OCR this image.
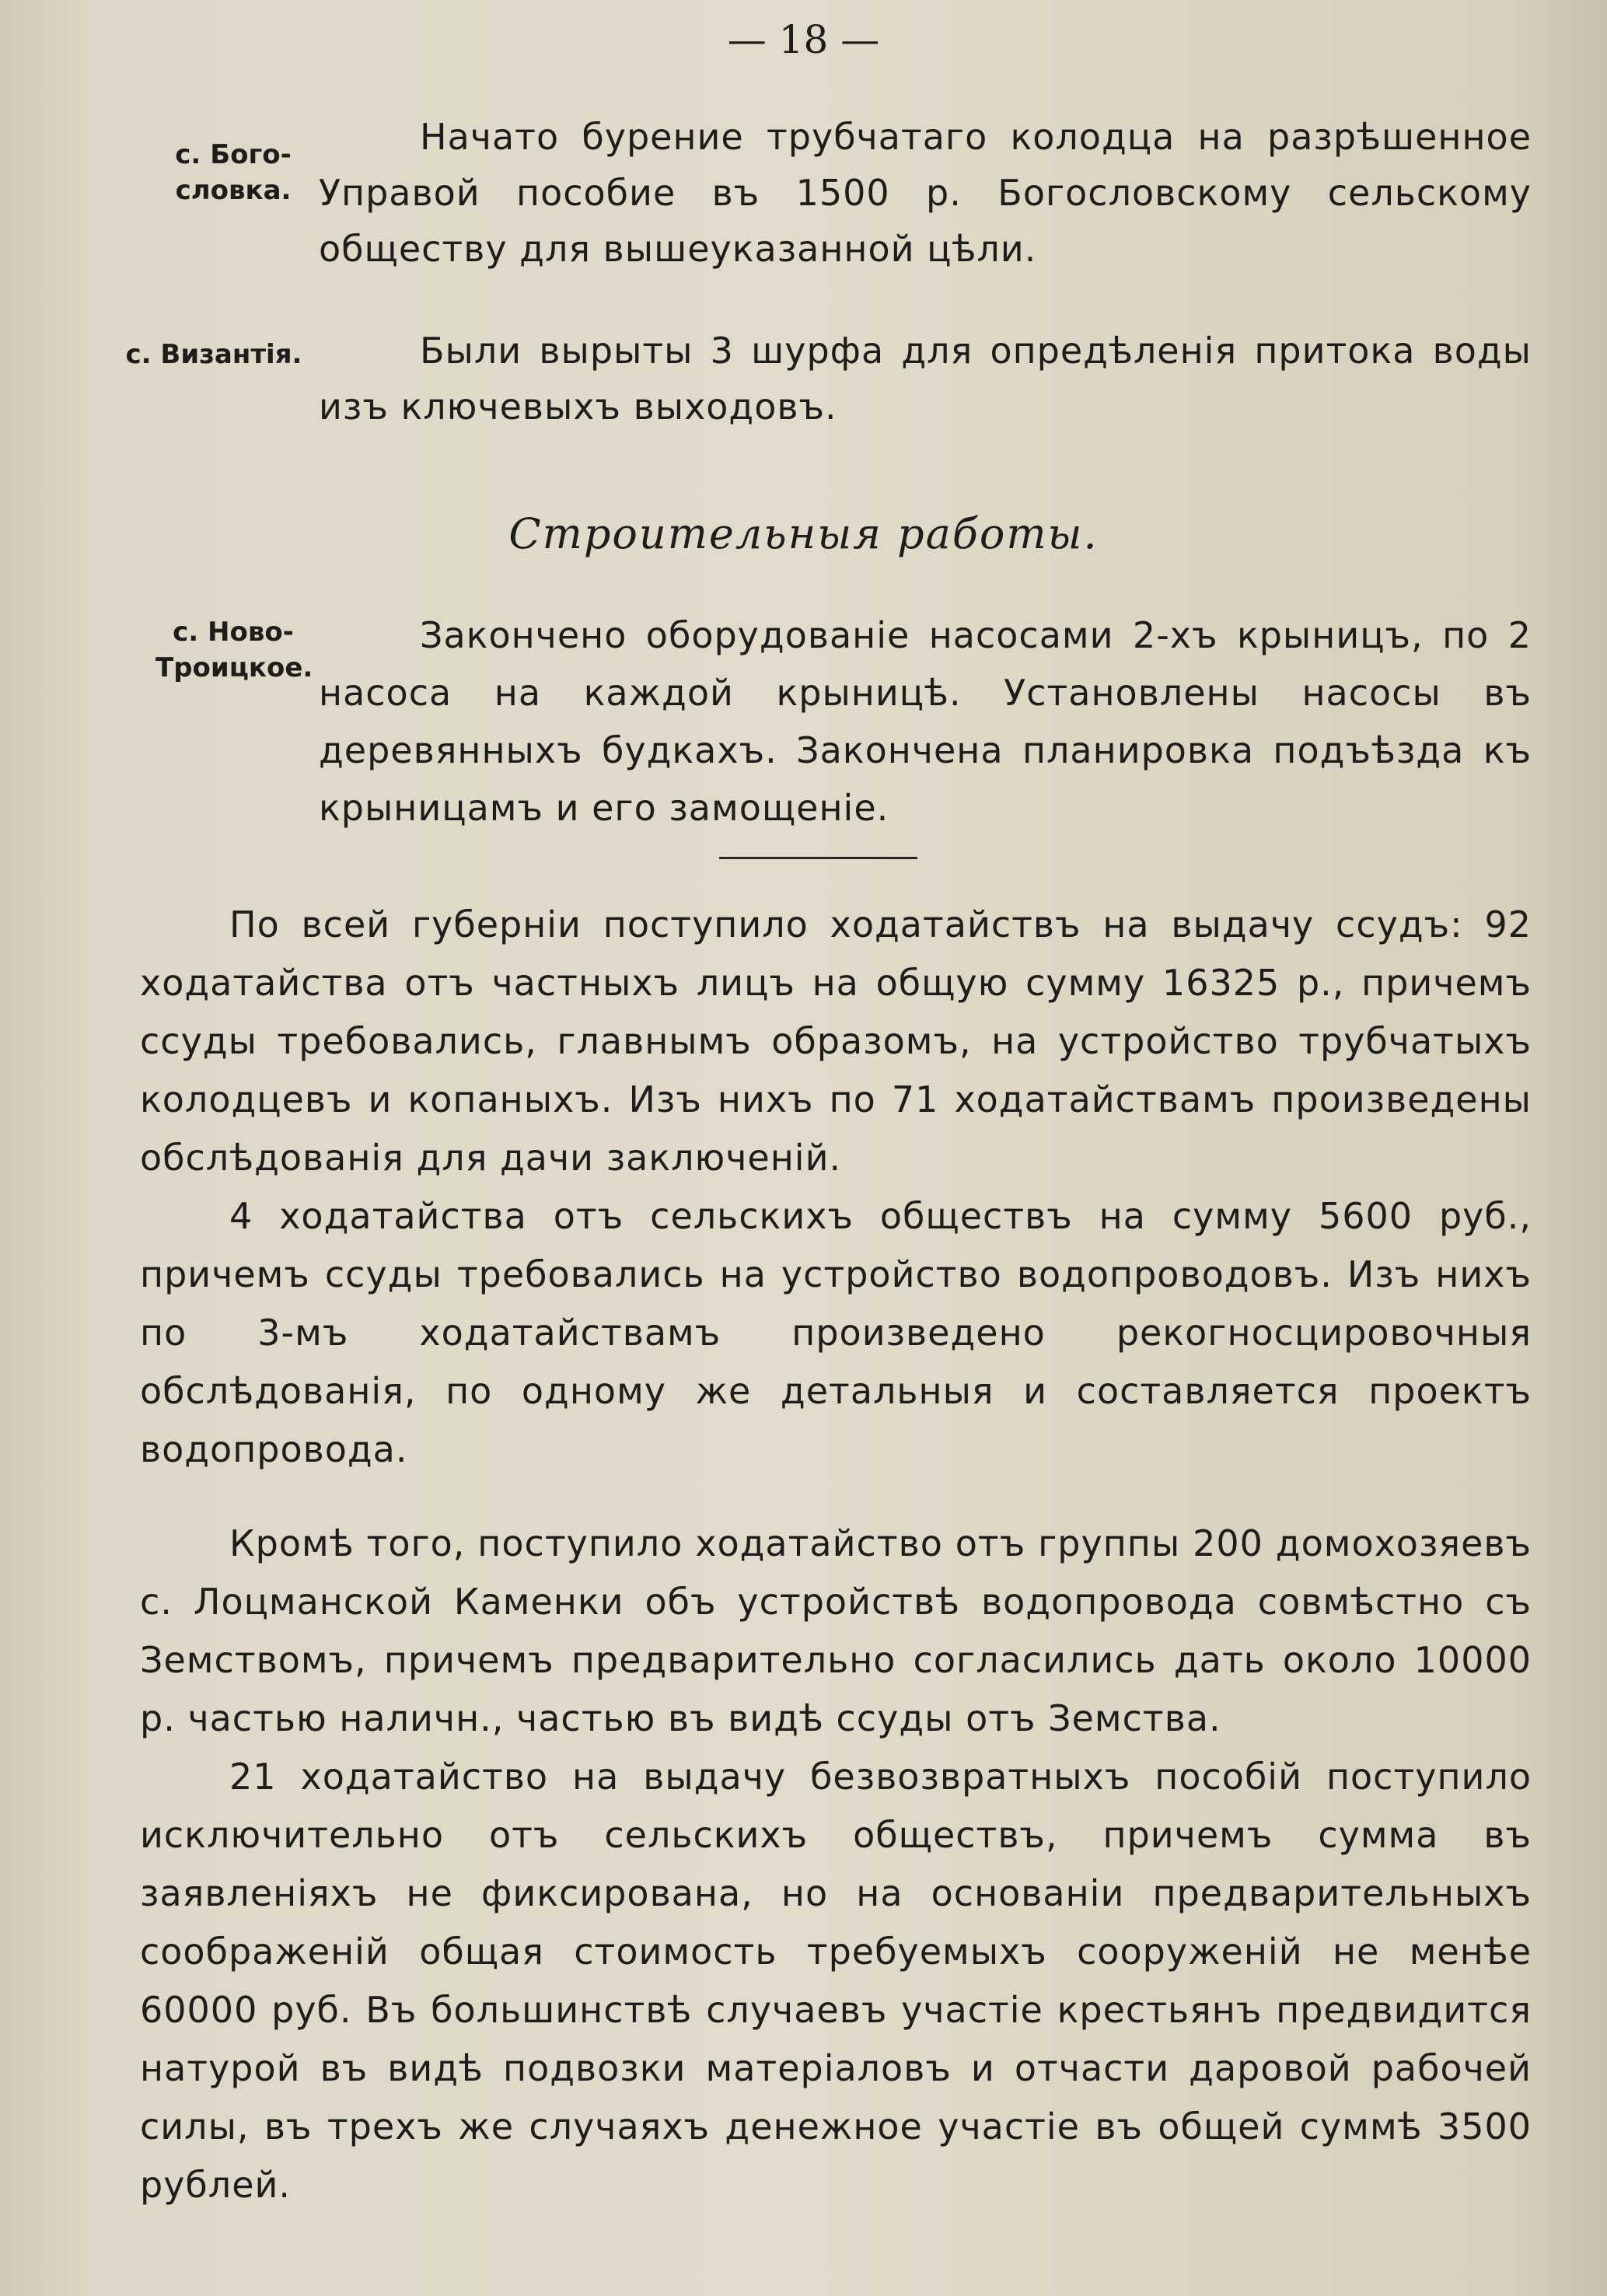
— 18 —
с. Бого-
словка.
Начато бурение трубчатаго колодца на разрѣшенное Управой пособие въ 1500 р. Богословскому сельскому обществу для вышеуказанной цѣли.
с. Византія.	Были вырыты 3 шурфа для опредѣленія притока воды изъ ключевыхъ выходовъ.
Строительныя работы.
с. Ново- Троицкое.
Закончено оборудованіе насосами 2-хъ крыницъ, по 2 насоса на каждой крыницѣ. Установлены насосы въ деревянныхъ будкахъ. Закончена планировка подъѣзда къ крыницамъ и его замощеніе.
По всей губерніи поступило ходатайствъ на выдачу ссудъ: 92 ходатайства отъ частныхъ лицъ на общую сумму 16325 р., причемъ ссуды требовались, главнымъ образомъ, на устройство трубчатыхъ колодцевъ и копаныхъ. Изъ нихъ по 71 ходатайствамъ произведены обслѣдованія для дачи заключеній.
4 ходатайства отъ сельскихъ обществъ на сумму 5600 руб., причемъ ссуды требовались на устройство водопроводовъ. Изъ нихъ по 3-мъ ходатайствамъ произведено рекогносцировочныя обслѣдованія, по одному же детальныя и составляется проектъ водопровода.
Кромѣ того, поступило ходатайство отъ группы 200 домохозяевъ с. Лоцманской Каменки объ устройствѣ водопровода совмѣстно съ Земствомъ, причемъ предварительно согласились дать около 10000 р. частью наличн., частью въ видѣ ссуды отъ Земства.
21 ходатайство на выдачу безвозвратныхъ пособій поступило исключительно отъ сельскихъ обществъ, причемъ сумма въ заявленіяхъ не фиксирована, но на основаніи предварительныхъ соображеній общая стоимость требуемыхъ сооруженій не менѣе 60000 руб. Въ большинствѣ случаевъ участіе крестьянъ предвидится натурой въ видѣ подвозки матеріаловъ и отчасти даровой рабочей силы, въ трехъ же случаяхъ денежное участіе въ общей суммѣ 3500 рублей.
